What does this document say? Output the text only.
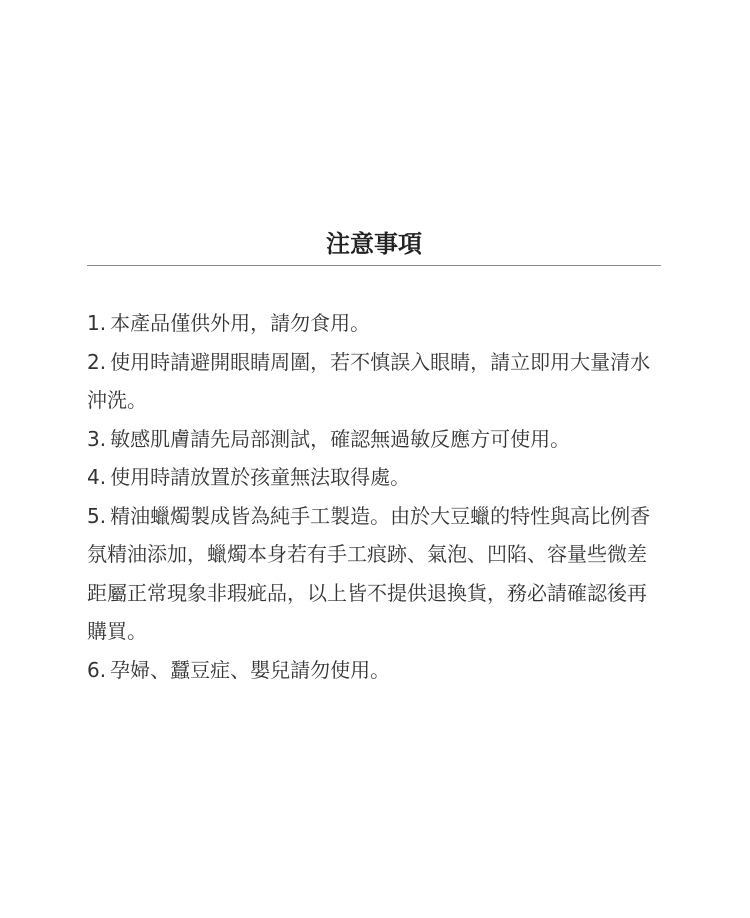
注意事項
1. 本產品僅供外用，請勿食用。
2. 使用時請避開眼睛周圍，若不慎誤入眼睛，請立即用大量清水沖洗。
3. 敏感肌膚請先局部測試，確認無過敏反應方可使用。
4. 使用時請放置於孩童無法取得處。
5. 精油蠟燭製成皆為純手工製造。由於大豆蠟的特性與高比例香氛精油添加，蠟燭本身若有手工痕跡、氣泡、凹陷、容量些微差距屬正常現象非瑕疵品，以上皆不提供退換貨，務必請確認後再購買。
6. 孕婦、蠶豆症、嬰兒請勿使用。
